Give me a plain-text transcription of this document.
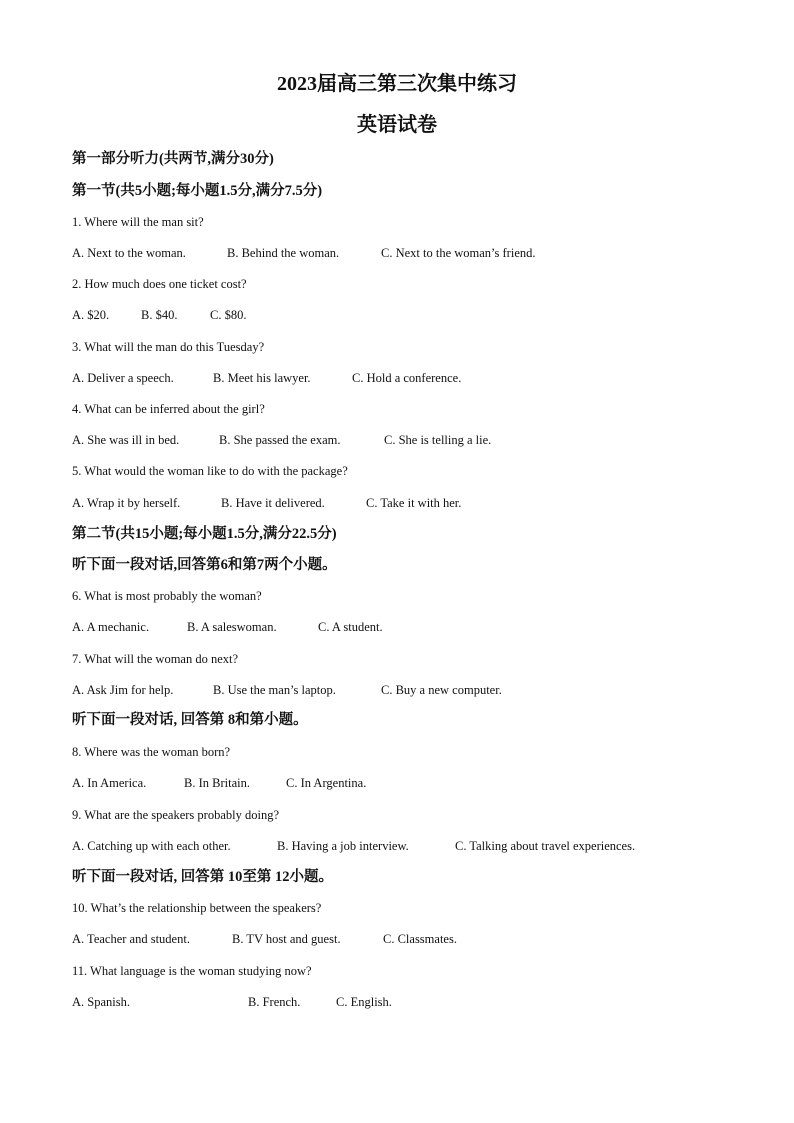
2023届高三第三次集中练习
英语试卷
第一部分听力(共两节,满分30分)
第一节(共5小题;每小题1.5分,满分7.5分)
1. Where will the man sit?
A. Next to the woman.	B. Behind the woman.	C. Next to the woman’s friend.
2. How much does one ticket cost?
A. $20.	B. $40.	C. $80.
3. What will the man do this Tuesday?
A. Deliver a speech.	B. Meet his lawyer.	C. Hold a conference.
4. What can be inferred about the girl?
A. She was ill in bed.	B. She passed the exam.	C. She is telling a lie.
5. What would the woman like to do with the package?
A. Wrap it by herself.	B. Have it delivered.	C. Take it with her.
第二节(共15小题;每小题1.5分,满分22.5分)
听下面一段对话,回答第6和第7两个小题。
6. What is most probably the woman?
A. A mechanic.	B. A saleswoman.	C. A student.
7. What will the woman do next?
A. Ask Jim for help.	B. Use the man’s laptop.	C. Buy a new computer.
听下面一段对话, 回答第 8和第小题。
8. Where was the woman born?
A. In America.	B. In Britain.	C. In Argentina.
9. What are the speakers probably doing?
A. Catching up with each other.	B. Having a job interview.	C. Talking about travel experiences.
听下面一段对话, 回答第 10至第 12小题。
10. What’s the relationship between the speakers?
A. Teacher and student.	B. TV host and guest.	C. Classmates.
11. What language is the woman studying now?
A. Spanish.	B. French.	C. English.
